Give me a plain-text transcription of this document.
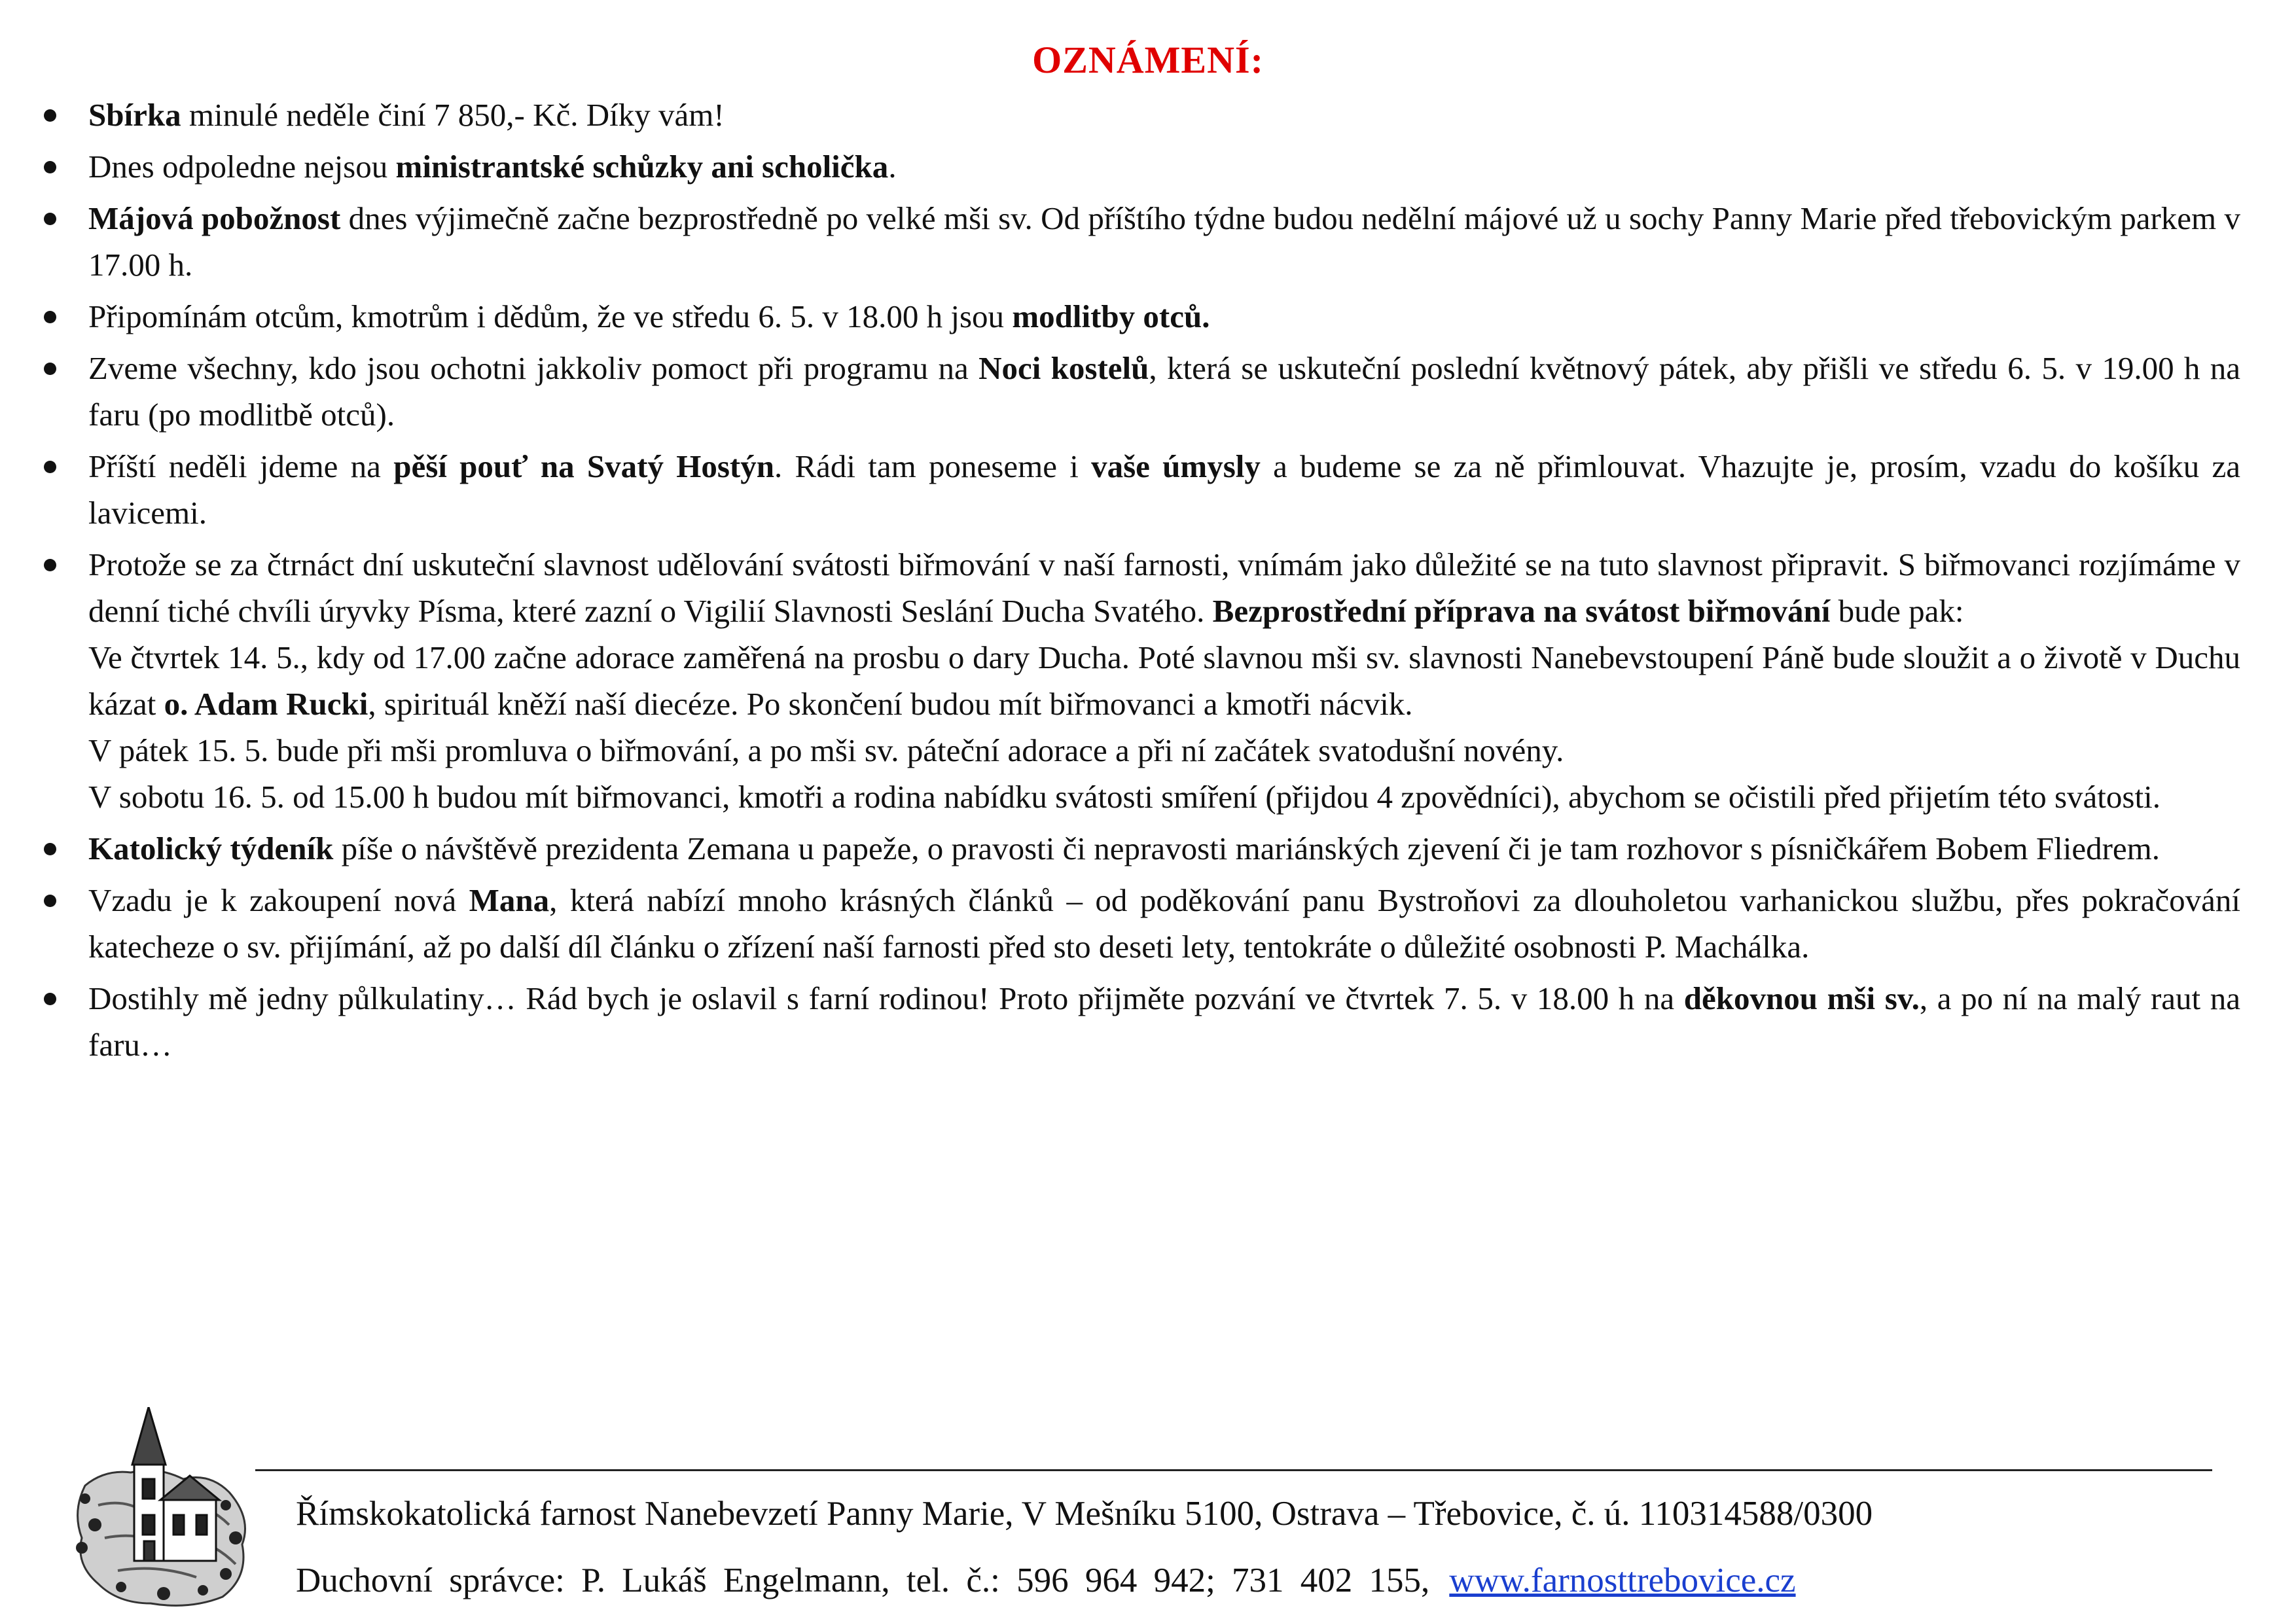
OZNÁMENÍ:
Sbírka minulé neděle činí 7 850,- Kč. Díky vám!
Dnes odpoledne nejsou ministrantské schůzky ani scholička.
Májová pobožnost dnes výjimečně začne bezprostředně po velké mši sv. Od příštího týdne budou nedělní májové už u sochy Panny Marie před třebovickým parkem v 17.00 h.
Připomínám otcům, kmotrům i dědům, že ve středu 6. 5. v 18.00 h jsou modlitby otců.
Zveme všechny, kdo jsou ochotni jakkoliv pomoct při programu na Noci kostelů, která se uskuteční poslední květnový pátek, aby přišli ve středu 6. 5. v 19.00 h na faru (po modlitbě otců).
Příští neděli jdeme na pěší pouť na Svatý Hostýn. Rádi tam poneseme i vaše úmysly a budeme se za ně přimlouvat. Vhazujte je, prosím, vzadu do košíku za lavicemi.
Protože se za čtrnáct dní uskuteční slavnost udělování svátosti biřmování v naší farnosti, vnímám jako důležité se na tuto slavnost připravit. S biřmovanci rozjímáme v denní tiché chvíli úryvky Písma, které zazní o Vigilií Slavnosti Seslání Ducha Svatého. Bezprostřední příprava na svátost biřmování bude pak:
Ve čtvrtek 14. 5., kdy od 17.00 začne adorace zaměřená na prosbu o dary Ducha. Poté slavnou mši sv. slavnosti Nanebevstoupení Páně bude sloužit a o životě v Duchu kázat o. Adam Rucki, spirituál kněží naší diecéze. Po skončení budou mít biřmovanci a kmotři nácvik.
V pátek 15. 5. bude při mši promluva o biřmování, a po mši sv. páteční adorace a při ní začátek svatodušní novény.
V sobotu 16. 5. od 15.00 h budou mít biřmovanci, kmotři a rodina nabídku svátosti smíření (přijdou 4 zpovědníci), abychom se očistili před přijetím této svátosti.
Katolický týdeník píše o návštěvě prezidenta Zemana u papeže, o pravosti či nepravosti mariánských zjevení či je tam rozhovor s písničkářem Bobem Fliedrem.
Vzadu je k zakoupení nová Mana, která nabízí mnoho krásných článků – od poděkování panu Bystroňovi za dlouholetou varhanickou službu, přes pokračování katecheze o sv. přijímání, až po další díl článku o zřízení naší farnosti před sto deseti lety, tentokráte o důležité osobnosti P. Machálka.
Dostihly mě jedny půlkulatiny… Rád bych je oslavil s farní rodinou! Proto přijměte pozvání ve čtvrtek 7. 5. v 18.00 h na děkovnou mši sv., a po ní na malý raut na faru…
Římskokatolická farnost Nanebevzetí Panny Marie, V Mešníku 5100, Ostrava – Třebovice, č. ú. 110314588/0300
Duchovní správce: P. Lukáš Engelmann, tel. č.: 596 964 942; 731 402 155, www.farnosttrebovice.cz
